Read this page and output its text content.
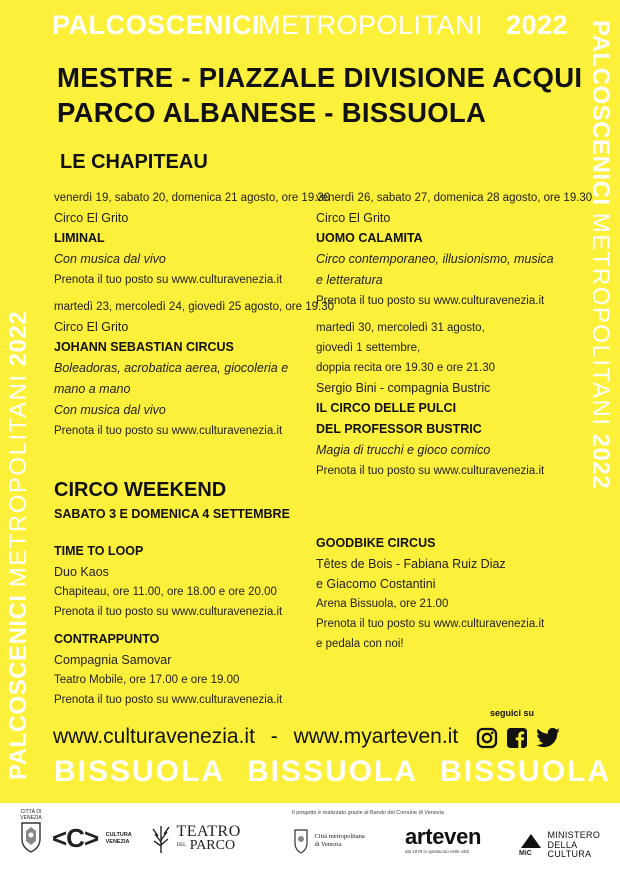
PALCOSCENICI
METROPOLITANI 2022
PALCOSCENICI METROPOLITANI 2022
PALCOSCENICI METROPOLITANI 2022
BISSUOLA BISSUOLA BISSUOLA
MESTRE - PIAZZALE DIVISIONE ACQUI
PARCO ALBANESE - BISSUOLA
LE CHAPITEAU
venerdì 19, sabato 20, domenica 21 agosto, ore 19.30
Circo El Grito
LIMINAL
Con musica dal vivo
Prenota il tuo posto su www.culturavenezia.it
martedì 23, mercoledì 24, giovedì 25 agosto, ore 19.30
Circo El Grito
JOHANN SEBASTIAN CIRCUS
Boleadoras, acrobatica aerea, giocoleria e
mano a mano
Con musica dal vivo
Prenota il tuo posto su www.culturavenezia.it
venerdì 26, sabato 27, domenica 28 agosto, ore 19.30
Circo El Grito
UOMO CALAMITA
Circo contemporaneo, illusionismo, musica
e letteratura
Prenota il tuo posto su www.culturavenezia.it
martedì 30, mercoledì 31 agosto,
giovedì 1 settembre,
doppia recita ore 19.30 e ore 21.30
Sergio Bini - compagnia Bustric
IL CIRCO DELLE PULCI
DEL PROFESSOR BUSTRIC
Magia di trucchi e gioco comico
Prenota il tuo posto su www.culturavenezia.it
CIRCO WEEKEND
SABATO 3 E DOMENICA 4 SETTEMBRE
TIME TO LOOP
Duo Kaos
Chapiteau, ore 11.00, ore 18.00 e ore 20.00
Prenota il tuo posto su www.culturavenezia.it
CONTRAPPUNTO
Compagnia Samovar
Teatro Mobile, ore 17.00 e ore 19.00
Prenota il tuo posto su www.culturavenezia.it
GOODBIKE CIRCUS
Têtes de Bois - Fabiana Ruiz Diaz
e Giacomo Costantini
Arena Bissuola, ore 21.00
Prenota il tuo posto su www.culturavenezia.it
e pedala con noi!
www.culturavenezia.it - www.myarteven.it
seguici su
Il progetto è realizzato grazie al Bando del Comune di Venezia
CITTÀ DI VENEZIA
<C> CULTURA
VENEZIA

TEATRO
DEL PARCO

Città metropolitana
di Venezia	arteven
dal 1979 lo spettacolo nelle città	MiC

MINISTERO
DELLA
CULTURA
